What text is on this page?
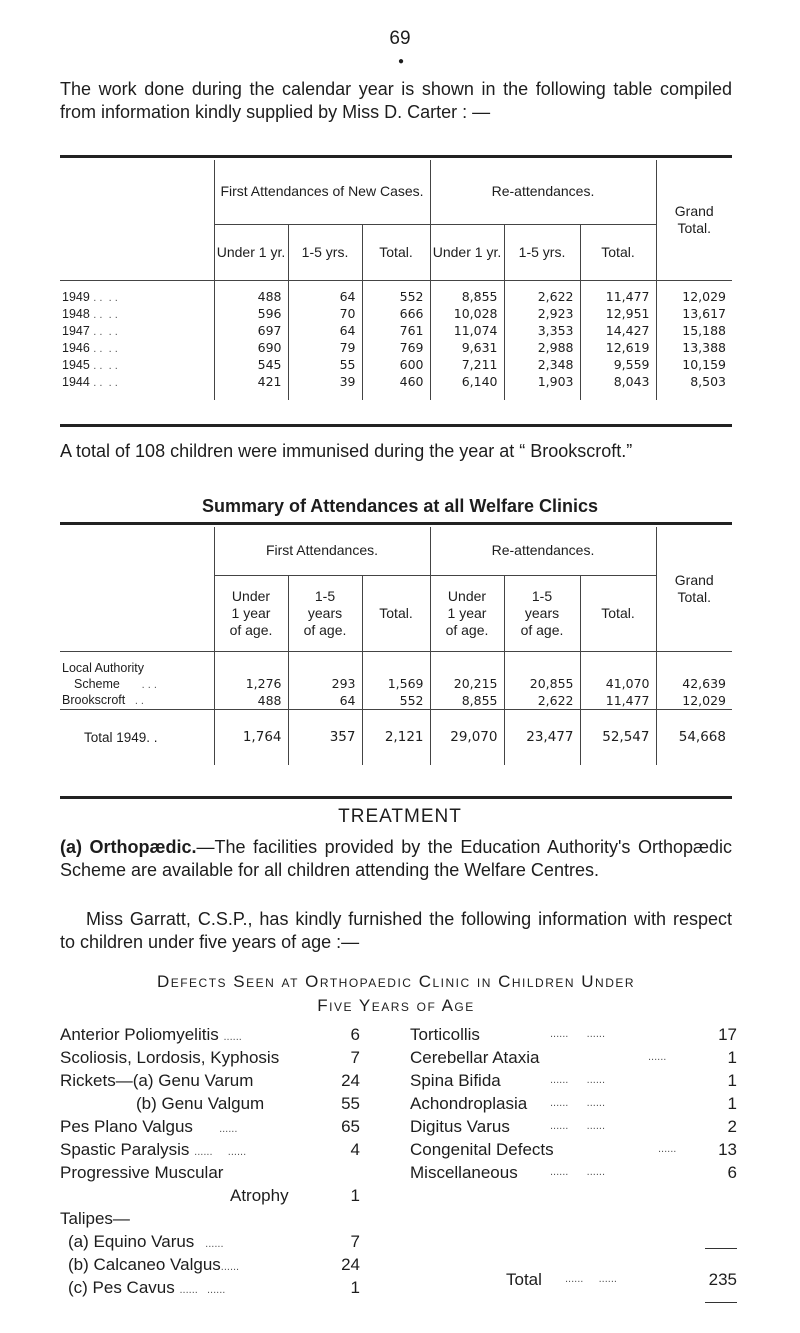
69
●
The work done during the calendar year is shown in the following table compiled from information kindly supplied by Miss D. Carter : —
	First Attendances of New Cases.			Re-attendances.			Grand Total.
	Under 1 yr.	1-5 yrs.	Total.	Under 1 yr.	1-5 yrs.	Total.	

1949 . .  . .	488	64	552	8,855	2,622	11,477	12,029
1948 . .  . .	596	70	666	10,028	2,923	12,951	13,617
1947 . .  . .	697	64	761	11,074	3,353	14,427	15,188
1946 . .  . .	690	79	769	9,631	2,988	12,619	13,388
1945 . .  . .	545	55	600	7,211	2,348	9,559	10,159
1944 . .  . .	421	39	460	6,140	1,903	8,043	8,503

A total of 108 children were immunised during the year at “ Brookscroft.”
Summary of Attendances at all Welfare Clinics
	First Attendances.			Re-attendances.			Grand Total.
	Under
1 year
of age.	1-5
years
of age.	Total.	Under
1 year
of age.	1-5
years
of age.	Total.	
Local Authority							
Scheme       . . .	1,276	293	1,569	20,215	20,855	41,070	42,639
Brookscroft   . .	488	64	552	8,855	2,622	11,477	12,029
Total 1949. .	1,764	357	2,121	29,070	23,477	52,547	54,668
TREATMENT
(a) Orthopædic.—The facilities provided by the Education Authority's Orthopædic Scheme are available for all children attending the Welfare Centres.
Miss Garratt, C.S.P., has kindly furnished the following information with respect to children under five years of age :—
Defects Seen at Orthopaedic Clinic in Children Under
Five Years of Age
Anterior Poliomyelitis ......	6
Scoliosis, Lordosis, Kyphosis	7
Rickets—(a) Genu Varum	24
(b) Genu Valgum	55
Pes Plano Valgus        ......	65
Spastic Paralysis ......     ......	4
Progressive Muscular
Atrophy	1
Talipes—
(a) Equino Varus   ......	7
(b) Calcaneo Valgus......	24
(c) Pes Cavus ......   ......	1
Torticollis	......      ......	17
Cerebellar Ataxia	......	1
Spina Bifida	......      ......	1
Achondroplasia ......      ......	1
Digitus Varus	......      ......	2
Congenital Defects	...... 13
Miscellaneous	......      ......	6
Total ......     ......	235
